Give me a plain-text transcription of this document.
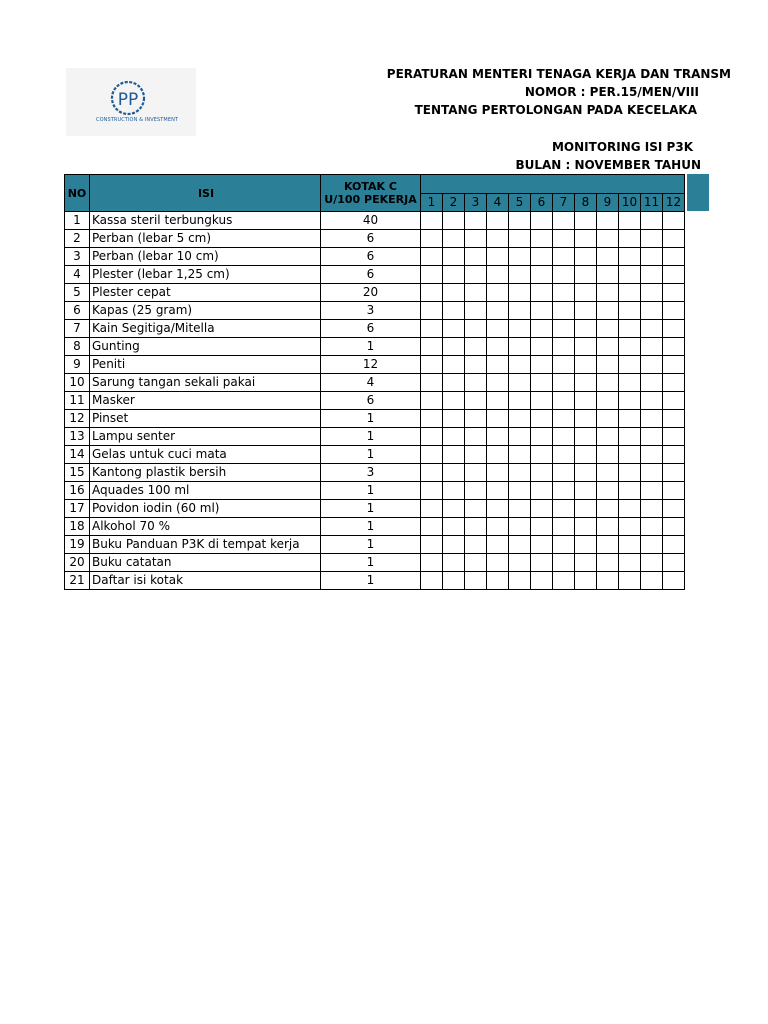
PP
CONSTRUCTION & INVESTMENT
PERATURAN MENTERI TENAGA KERJA DAN TRANSM
NOMOR : PER.15/MEN/VIII
TENTANG PERTOLONGAN PADA KECELAKA
MONITORING ISI P3K
BULAN : NOVEMBER TAHUN
NO	ISI	KOTAK C
U/100 PEKERJA												

			1	2	3	4	5	6	7	8	9	10	11	12
1	Kassa steril terbungkus	40												
2	Perban (lebar 5 cm)	6												
3	Perban (lebar 10 cm)	6												
4	Plester (lebar 1,25 cm)	6												
5	Plester cepat	20												
6	Kapas (25 gram)	3												
7	Kain Segitiga/Mitella	6												
8	Gunting	1												
9	Peniti	12												
10	Sarung tangan sekali pakai	4												
11	Masker	6												
12	Pinset	1												
13	Lampu senter	1												
14	Gelas untuk cuci mata	1												
15	Kantong plastik bersih	3												
16	Aquades 100 ml	1												
17	Povidon iodin (60 ml)	1												
18	Alkohol 70 %	1												
19	Buku Panduan P3K di tempat kerja	1												
20	Buku catatan	1												
21	Daftar isi kotak	1												
